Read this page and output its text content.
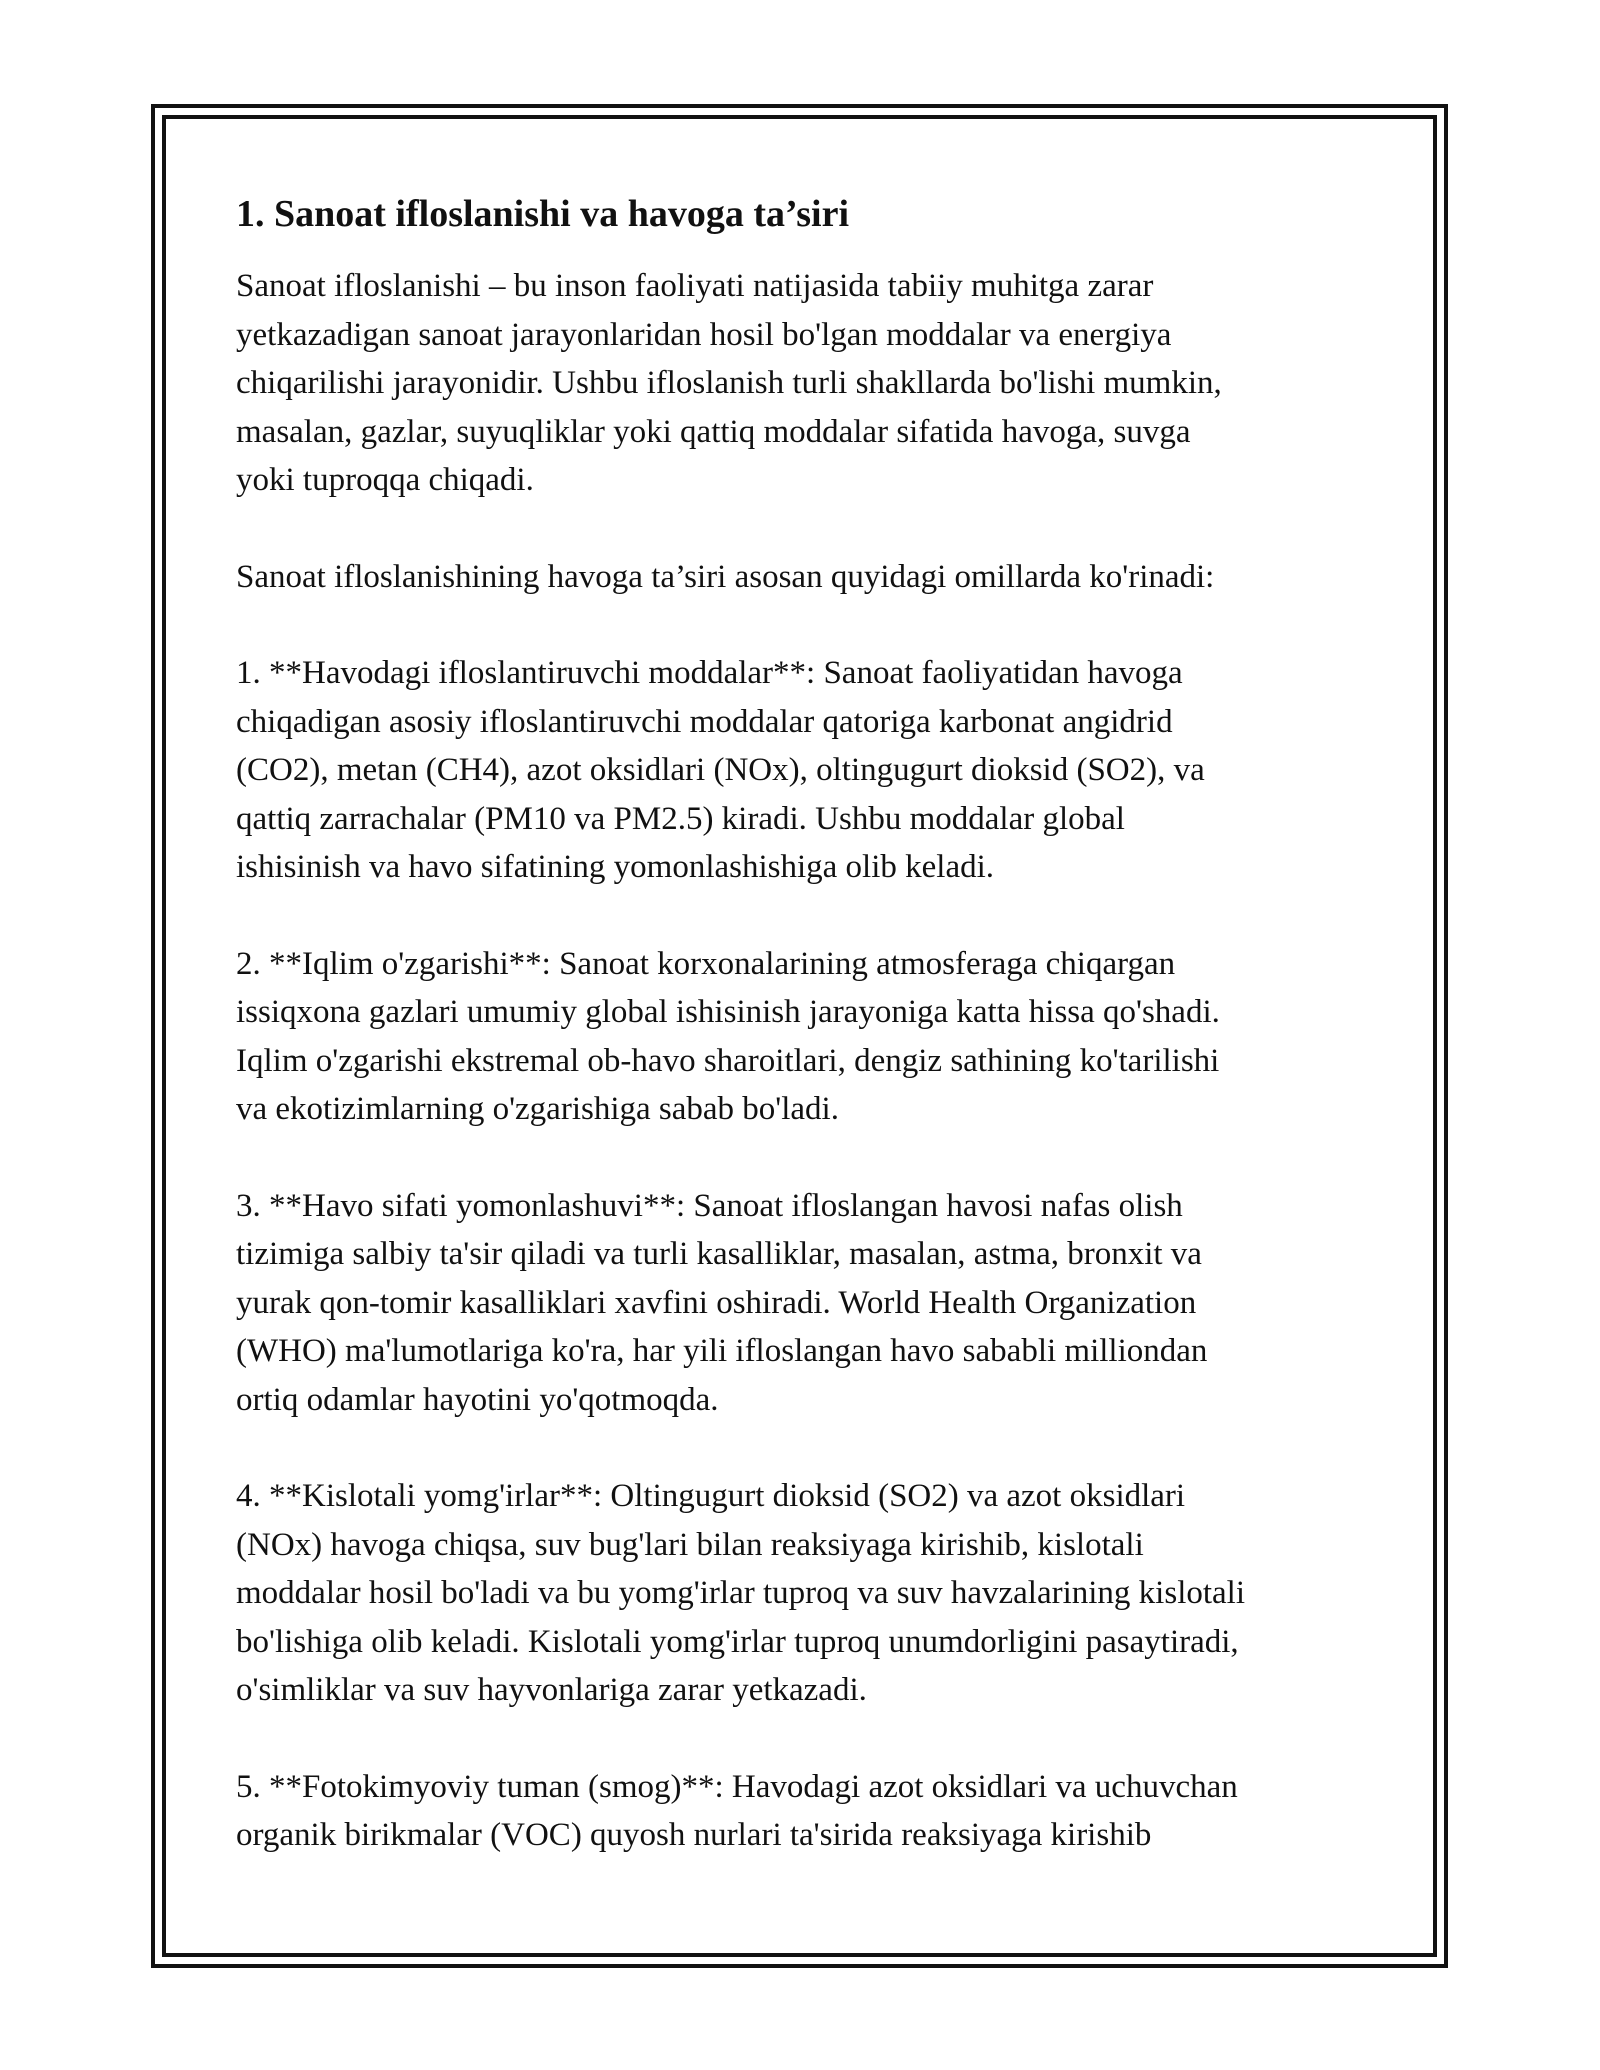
1. Sanoat ifloslanishi va havoga ta’siri
Sanoat ifloslanishi – bu inson faoliyati natijasida tabiiy muhitga zarar
yetkazadigan sanoat jarayonlaridan hosil bo'lgan moddalar va energiya
chiqarilishi jarayonidir. Ushbu ifloslanish turli shakllarda bo'lishi mumkin,
masalan, gazlar, suyuqliklar yoki qattiq moddalar sifatida havoga, suvga
yoki tuproqqa chiqadi.
Sanoat ifloslanishining havoga ta’siri asosan quyidagi omillarda ko'rinadi:
1. **Havodagi ifloslantiruvchi moddalar**: Sanoat faoliyatidan havoga
chiqadigan asosiy ifloslantiruvchi moddalar qatoriga karbonat angidrid
(CO2), metan (CH4), azot oksidlari (NOx), oltingugurt dioksid (SO2), va
qattiq zarrachalar (PM10 va PM2.5) kiradi. Ushbu moddalar global
ishisinish va havo sifatining yomonlashishiga olib keladi.
2. **Iqlim o'zgarishi**: Sanoat korxonalarining atmosferaga chiqargan
issiqxona gazlari umumiy global ishisinish jarayoniga katta hissa qo'shadi.
Iqlim o'zgarishi ekstremal ob-havo sharoitlari, dengiz sathining ko'tarilishi
va ekotizimlarning o'zgarishiga sabab bo'ladi.
3. **Havo sifati yomonlashuvi**: Sanoat ifloslangan havosi nafas olish
tizimiga salbiy ta'sir qiladi va turli kasalliklar, masalan, astma, bronxit va
yurak qon-tomir kasalliklari xavfini oshiradi. World Health Organization
(WHO) ma'lumotlariga ko'ra, har yili ifloslangan havo sababli milliondan
ortiq odamlar hayotini yo'qotmoqda.
4. **Kislotali yomg'irlar**: Oltingugurt dioksid (SO2) va azot oksidlari
(NOx) havoga chiqsa, suv bug'lari bilan reaksiyaga kirishib, kislotali
moddalar hosil bo'ladi va bu yomg'irlar tuproq va suv havzalarining kislotali
bo'lishiga olib keladi. Kislotali yomg'irlar tuproq unumdorligini pasaytiradi,
o'simliklar va suv hayvonlariga zarar yetkazadi.
5. **Fotokimyoviy tuman (smog)**: Havodagi azot oksidlari va uchuvchan
organik birikmalar (VOC) quyosh nurlari ta'sirida reaksiyaga kirishib
